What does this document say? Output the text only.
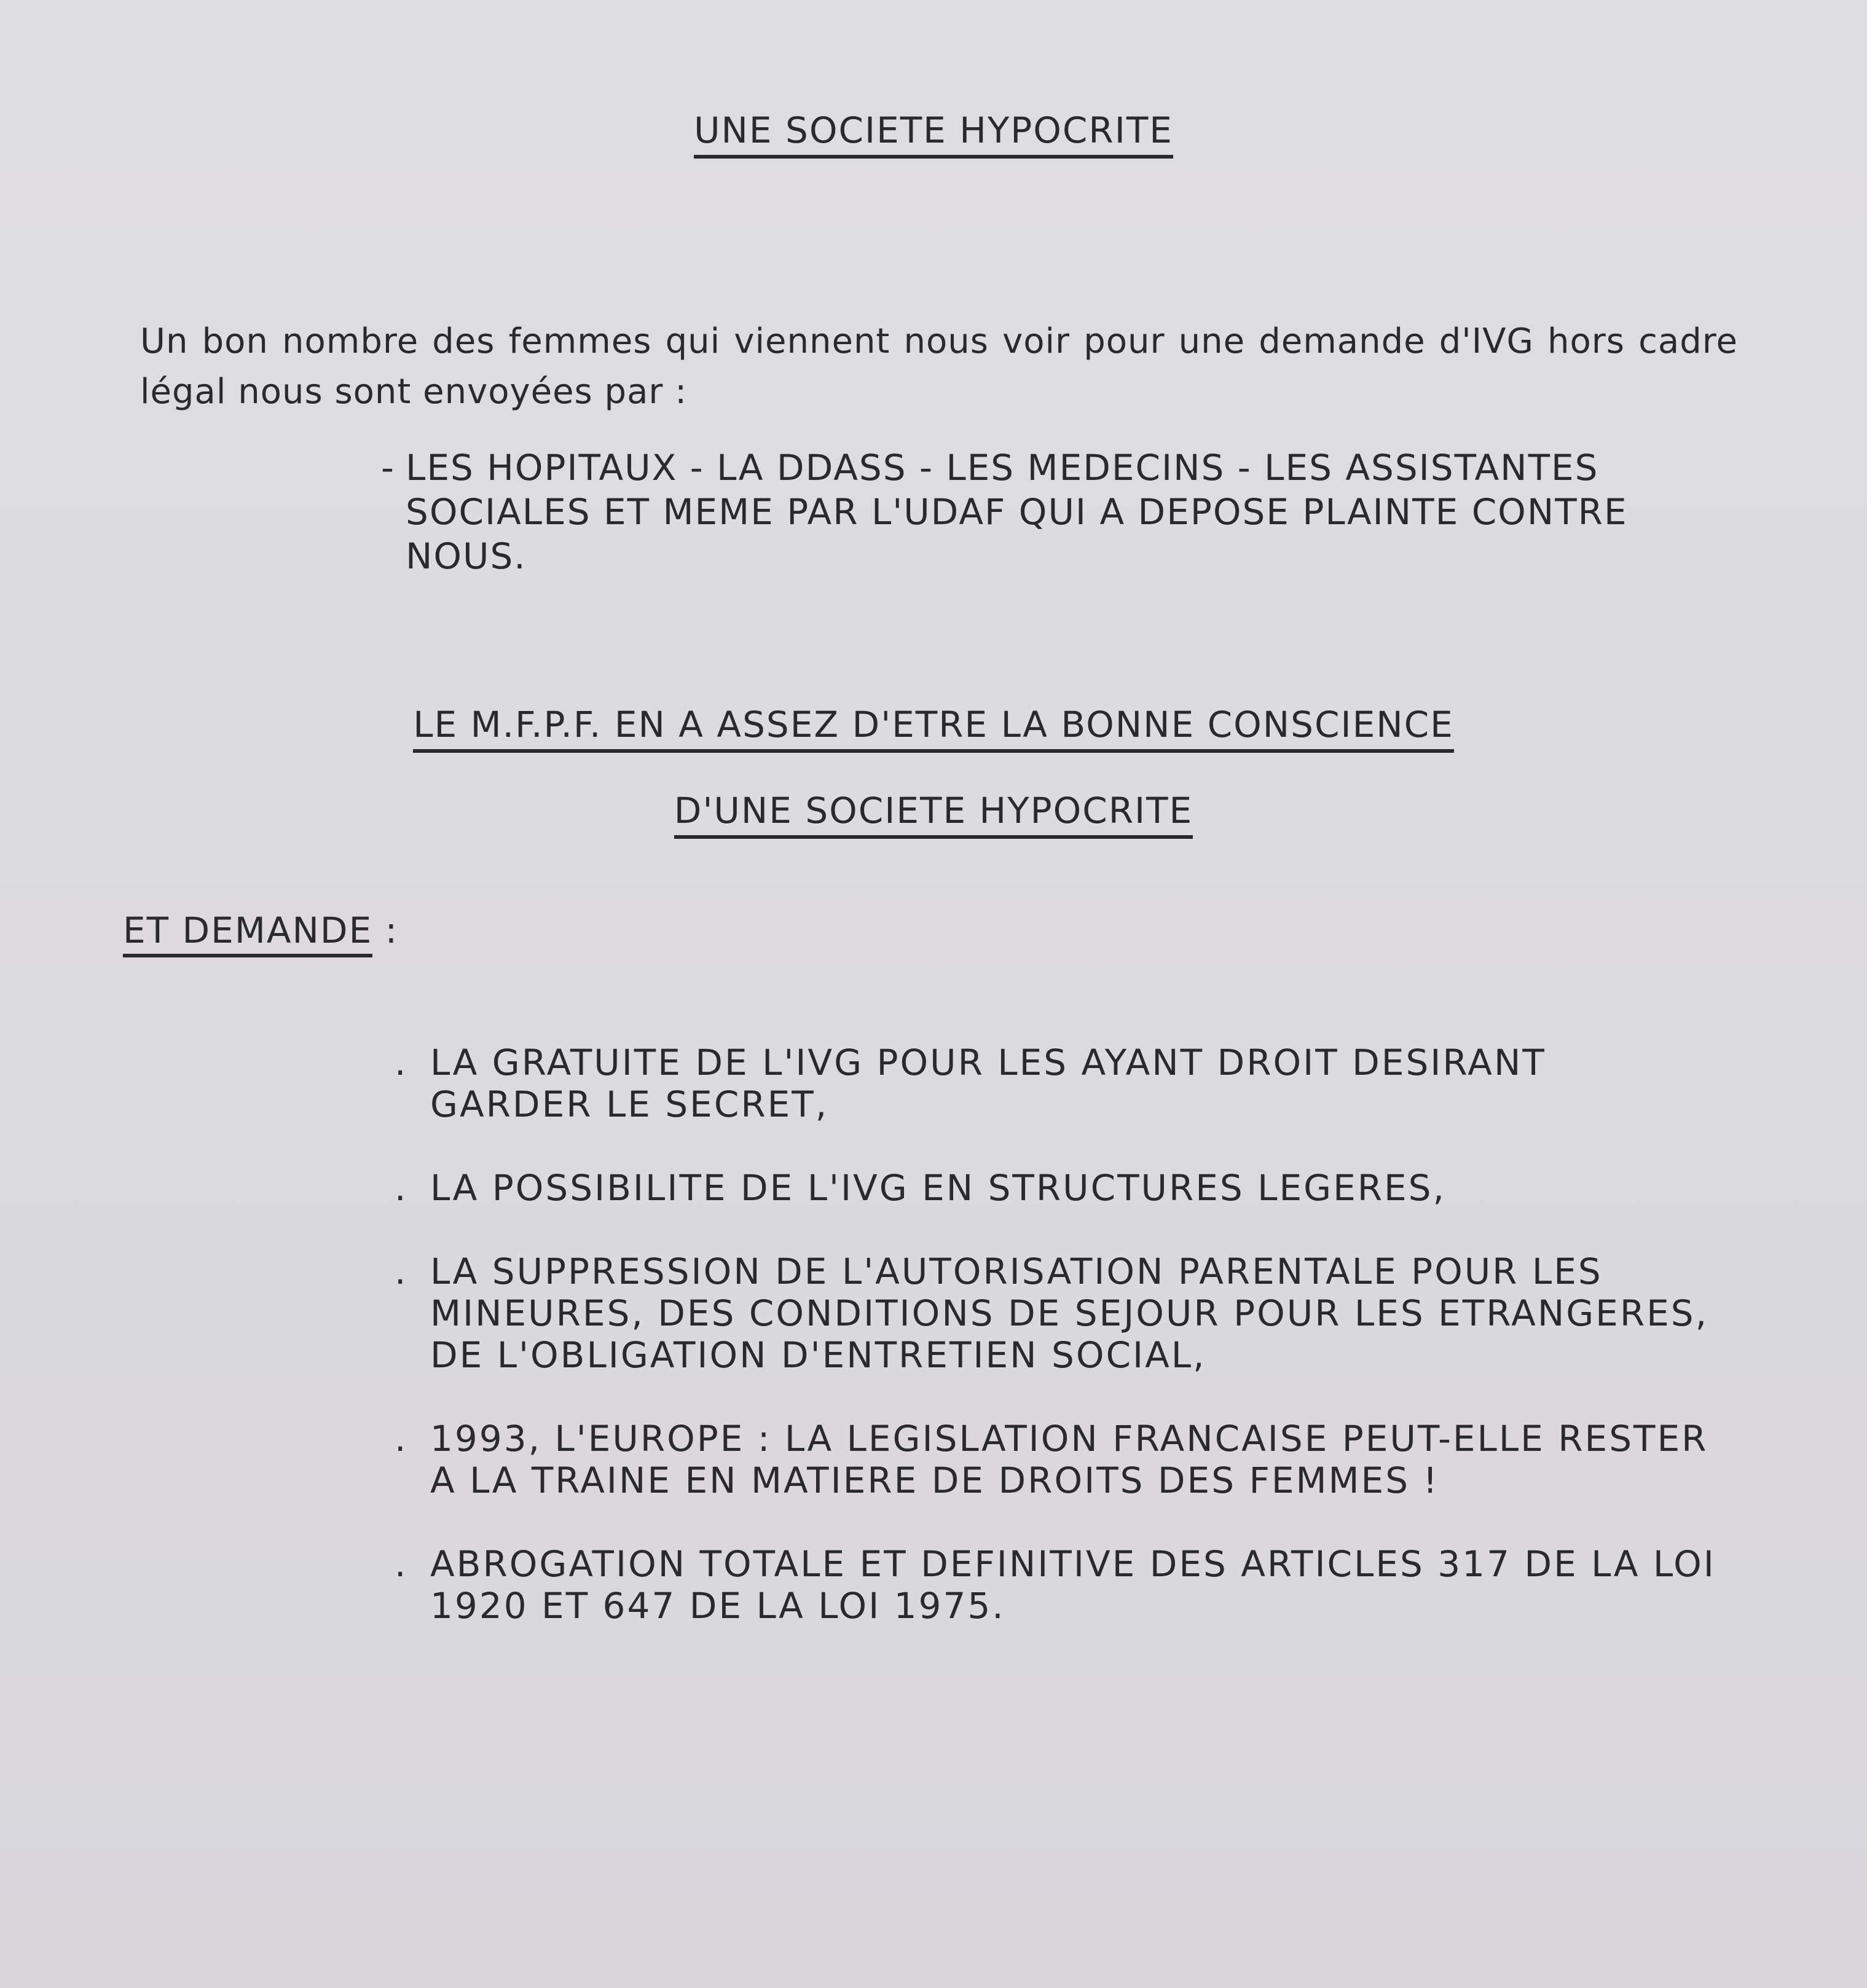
UNE SOCIETE HYPOCRITE

Un bon nombre des femmes qui viennent nous voir pour une demande d'IVG hors cadre légal nous sont envoyées par :

- LES HOPITAUX - LA DDASS - LES MEDECINS - LES ASSISTANTES SOCIALES ET MEME PAR L'UDAF QUI A DEPOSE PLAINTE CONTRE NOUS.
LE M.F.P.F. EN A ASSEZ D'ETRE LA BONNE CONSCIENCE
D'UNE SOCIETE HYPOCRITE
ET DEMANDE :
. LA GRATUITE DE L'IVG POUR LES AYANT DROIT DESIRANT GARDER LE SECRET,
. LA POSSIBILITE DE L'IVG EN STRUCTURES LEGERES,
. LA SUPPRESSION DE L'AUTORISATION PARENTALE POUR LES MINEURES, DES CONDITIONS DE SEJOUR POUR LES ETRANGERES, DE L'OBLIGATION D'ENTRETIEN SOCIAL,
. 1993, L'EUROPE : LA LEGISLATION FRANCAISE PEUT-ELLE RESTER A LA TRAINE EN MATIERE DE DROITS DES FEMMES !
. ABROGATION TOTALE ET DEFINITIVE DES ARTICLES 317 DE LA LOI 1920 ET 647 DE LA LOI 1975.
